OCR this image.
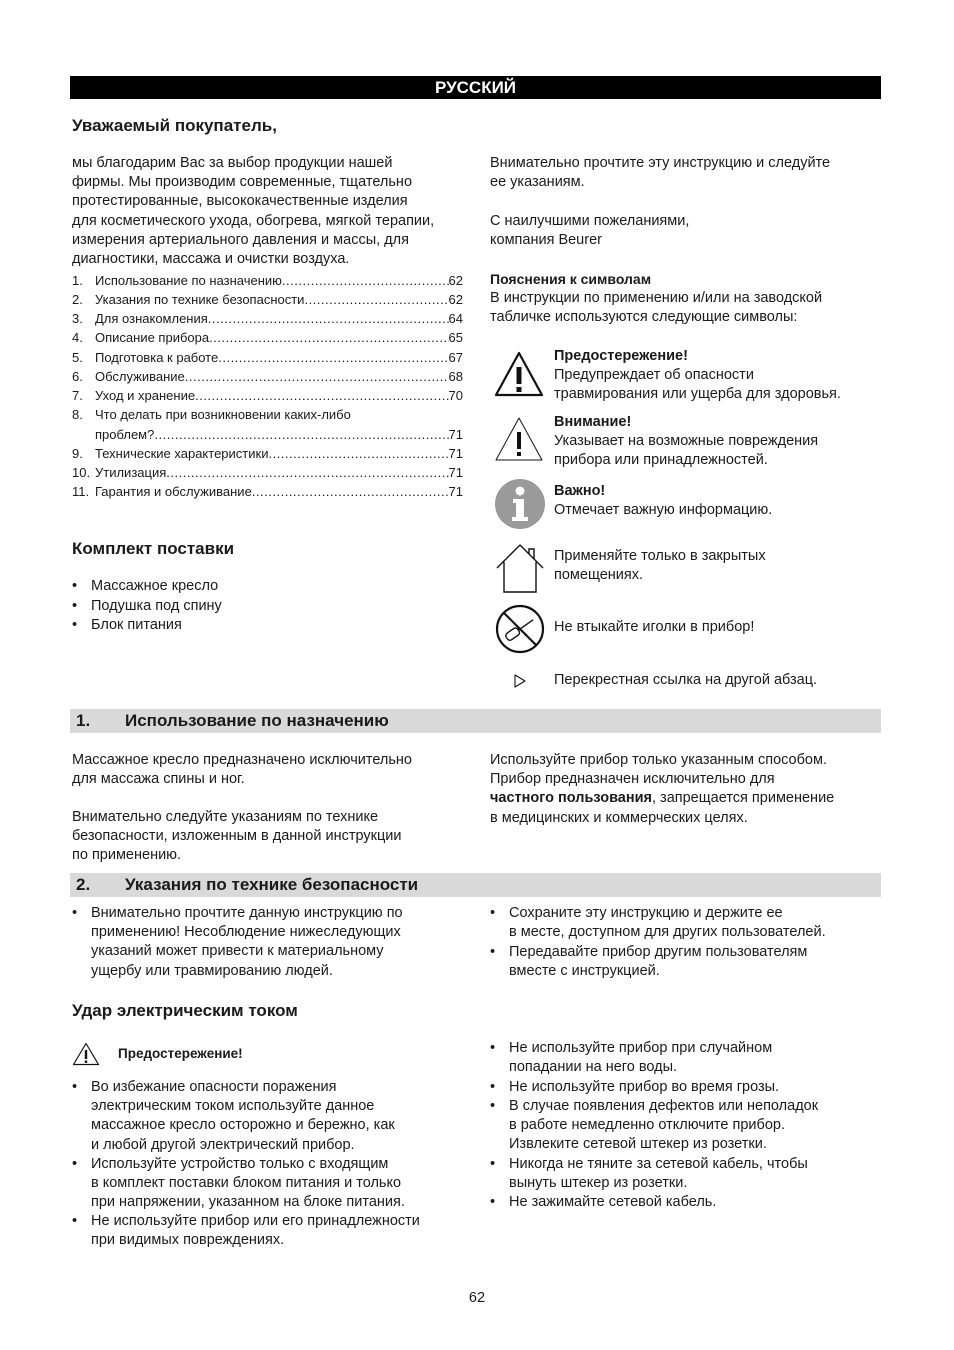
РУССКИЙ
Уважаемый покупатель,
мы благодарим Вас за выбор продукции нашей
фирмы. Мы производим современные, тщательно
протестированные, высококачественные изделия
для косметического ухода, обогрева, мягкой терапии,
измерения артериального давления и массы, для
диагностики, массажа и очистки воздуха.
Внимательно прочтите эту инструкцию и следуйте
ее указаниям.
С наилучшими пожеланиями,
компания Beurer
1. Использование по назначению .....	62
2. Указания по технике безопасности .....	62
3. Для ознакомления .....	64
4. Описание прибора .....	65
5. Подготовка к работе .....	67
6. Обслуживание .....	68
7. Уход и хранение .....	70
8. Что делать при возникновении каких-либо
проблем? .....	71
9. Технические характеристики .....	71
10. Утилизация .....	71
11. Гарантия и обслуживание .....	71
Комплект поставки
• Массажное кресло
• Подушка под спину
• Блок питания
Пояснения к символам
В инструкции по применению и/или на заводской
табличке используются следующие символы:
Предостережение!
Предупреждает об опасности
травмирования или ущерба для здоровья.
Внимание!
Указывает на возможные повреждения
прибора или принадлежностей.
Важно!
Отмечает важную информацию.
Применяйте только в закрытых
помещениях.
Не втыкайте иголки в прибор!
Перекрестная ссылка на другой абзац.
1. Использование по назначению
Массажное кресло предназначено исключительно
для массажа спины и ног.
Внимательно следуйте указаниям по технике
безопасности, изложенным в данной инструкции
по применению.
Используйте прибор только указанным способом.
Прибор предназначен исключительно для
частного пользования, запрещается применение
в медицинских и коммерческих целях.
2. Указания по технике безопасности
• Внимательно прочтите данную инструкцию по
применению! Несоблюдение нижеследующих
указаний может привести к материальному
ущербу или травмированию людей.
• Сохраните эту инструкцию и держите ее
в месте, доступном для других пользователей.
• Передавайте прибор другим пользователям
вместе с инструкцией.
Удар электрическим током
Предостережение!
• Во избежание опасности поражения
электрическим током используйте данное
массажное кресло осторожно и бережно, как
и любой другой электрический прибор.
• Используйте устройство только с входящим
в комплект поставки блоком питания и только
при напряжении, указанном на блоке питания.
• Не используйте прибор или его принадлежности
при видимых повреждениях.
• Не используйте прибор при случайном
попадании на него воды.
• Не используйте прибор во время грозы.
• В случае появления дефектов или неполадок
в работе немедленно отключите прибор.
Извлеките сетевой штекер из розетки.
• Никогда не тяните за сетевой кабель, чтобы
вынуть штекер из розетки.
• Не зажимайте сетевой кабель.
62
